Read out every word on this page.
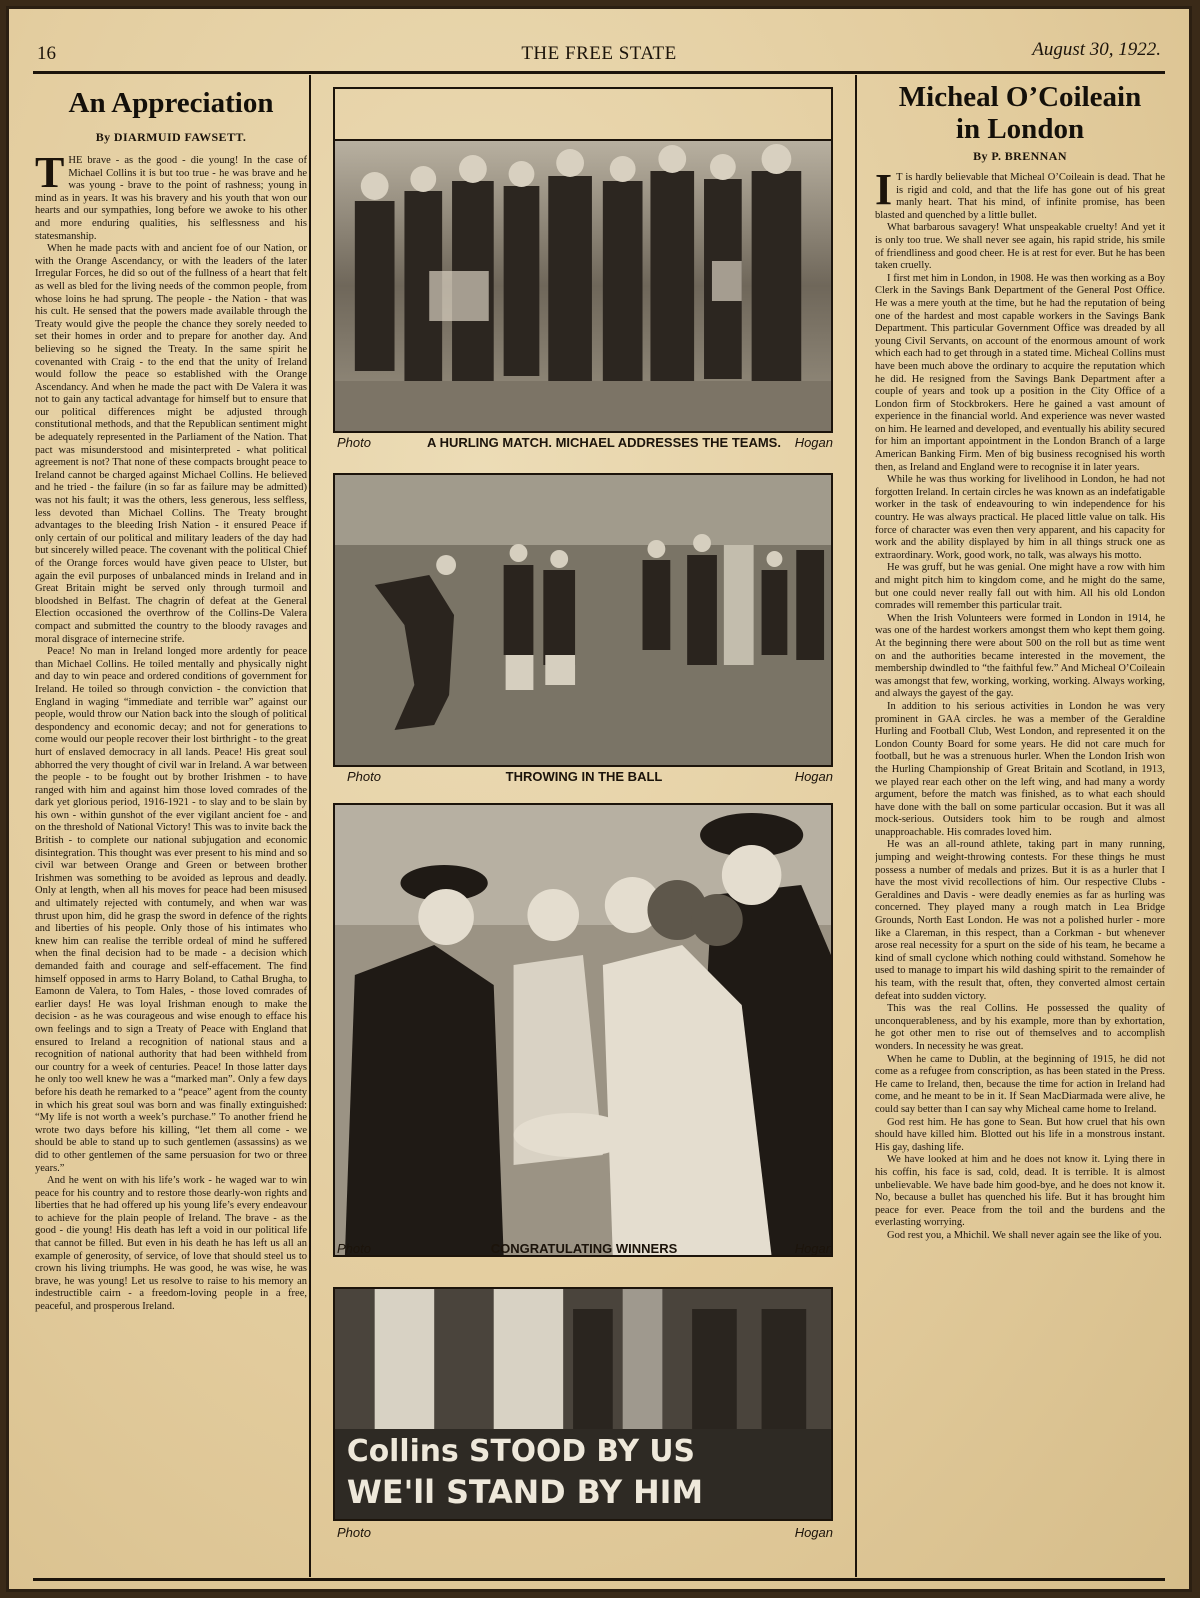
16	THE FREE STATE	August 30, 1922.
An Appreciation
By DIARMUID FAWSETT.

THE brave - as the good - die young! In the case of Michael Collins it is but too true - he was brave and he was young - brave to the point of rashness; young in mind as in years. It was his bravery and his youth that won our hearts and our sympathies, long before we awoke to his other and more enduring qualities, his selflessness and his statesmanship.

When he made pacts with and ancient foe of our Nation, or with the Orange Ascendancy, or with the leaders of the later Irregular Forces, he did so out of the fullness of a heart that felt as well as bled for the living needs of the common people, from whose loins he had sprung. The people - the Nation - that was his cult. He sensed that the powers made available through the Treaty would give the people the chance they sorely needed to set their homes in order and to prepare for another day. And believing so he signed the Treaty. In the same spirit he covenanted with Craig - to the end that the unity of Ireland would follow the peace so established with the Orange Ascendancy. And when he made the pact with De Valera it was not to gain any tactical advantage for himself but to ensure that our political differences might be adjusted through constitutional methods, and that the Republican sentiment might be adequately represented in the Parliament of the Nation. That pact was misunderstood and misinterpreted - what political agreement is not? That none of these compacts brought peace to Ireland cannot be charged against Michael Collins. He believed and he tried - the failure (in so far as failure may be admitted) was not his fault; it was the others, less generous, less selfless, less devoted than Michael Collins. The Treaty brought advantages to the bleeding Irish Nation - it ensured Peace if only certain of our political and military leaders of the day had but sincerely willed peace. The covenant with the political Chief of the Orange forces would have given peace to Ulster, but again the evil purposes of unbalanced minds in Ireland and in Great Britain might be served only through turmoil and bloodshed in Belfast. The chagrin of defeat at the General Election occasioned the overthrow of the Collins-De Valera compact and submitted the country to the bloody ravages and moral disgrace of internecine strife.

Peace! No man in Ireland longed more ardently for peace than Michael Collins. He toiled mentally and physically night and day to win peace and ordered conditions of government for Ireland. He toiled so through conviction - the conviction that England in waging “immediate and terrible war” against our people, would throw our Nation back into the slough of political despondency and economic decay; and not for generations to come would our people recover their lost birthright - to the great hurt of enslaved democracy in all lands. Peace! His great soul abhorred the very thought of civil war in Ireland. A war between the people - to be fought out by brother Irishmen - to have ranged with him and against him those loved comrades of the dark yet glorious period, 1916-1921 - to slay and to be slain by his own - within gunshot of the ever vigilant ancient foe - and on the threshold of National Victory! This was to invite back the British - to complete our national subjugation and economic disintegration. This thought was ever present to his mind and so civil war between Orange and Green or between brother Irishmen was something to be avoided as leprous and deadly. Only at length, when all his moves for peace had been misused and ultimately rejected with contumely, and when war was thrust upon him, did he grasp the sword in defence of the rights and liberties of his people. Only those of his intimates who knew him can realise the terrible ordeal of mind he suffered when the final decision had to be made - a decision which demanded faith and courage and self-effacement. The find himself opposed in arms to Harry Boland, to Cathal Brugha, to Eamonn de Valera, to Tom Hales, - those loved comrades of earlier days! He was loyal Irishman enough to make the decision - as he was courageous and wise enough to efface his own feelings and to sign a Treaty of Peace with England that ensured to Ireland a recognition of national staus and a recognition of national authority that had been withheld from our country for a week of centuries. Peace! In those latter days he only too well knew he was a “marked man”. Only a few days before his death he remarked to a “peace” agent from the county in which his great soul was born and was finally extinguished: “My life is not worth a week’s purchase.” To another friend he wrote two days before his killing, “let them all come - we should be able to stand up to such gentlemen (assassins) as we did to other gentlemen of the same persuasion for two or three years.”

And he went on with his life’s work - he waged war to win peace for his country and to restore those dearly-won rights and liberties that he had offered up his young life’s every endeavour to achieve for the plain people of Ireland. The brave - as the good - die young! His death has left a void in our political life that cannot be filled. But even in his death he has left us all an example of generosity, of service, of love that should steel us to crown his living triumphs. He was good, he was wise, he was brave, he was young! Let us resolve to raise to his memory an indestructible cairn - a freedom-loving people in a free, peaceful, and prosperous Ireland.

Photo	A HURLING MATCH. MICHAEL ADDRESSES THE TEAMS.	Hogan
Photo	THROWING IN THE BALL	Hogan
Photo	CONGRATULATING WINNERS	Hogan
Collins STOOD BY US
WE'll STAND BY HIM
Photo	Hogan
Micheal O’Coileain
in London
By P. BRENNAN

IT is hardly believable that Micheal O’Coileain is dead. That he is rigid and cold, and that the life has gone out of his great manly heart. That his mind, of infinite promise, has been blasted and quenched by a little bullet.

What barbarous savagery! What unspeakable cruelty! And yet it is only too true. We shall never see again, his rapid stride, his smile of friendliness and good cheer. He is at rest for ever. But he has been taken cruelly.

I first met him in London, in 1908. He was then working as a Boy Clerk in the Savings Bank Department of the General Post Office. He was a mere youth at the time, but he had the reputation of being one of the hardest and most capable workers in the Savings Bank Department. This particular Government Office was dreaded by all young Civil Servants, on account of the enormous amount of work which each had to get through in a stated time. Micheal Collins must have been much above the ordinary to acquire the reputation which he did. He resigned from the Savings Bank Department after a couple of years and took up a position in the City Office of a London firm of Stockbrokers. Here he gained a vast amount of experience in the financial world. And experience was never wasted on him. He learned and developed, and eventually his ability secured for him an important appointment in the London Branch of a large American Banking Firm. Men of big business recognised his worth then, as Ireland and England were to recognise it in later years.

While he was thus working for livelihood in London, he had not forgotten Ireland. In certain circles he was known as an indefatigable worker in the task of endeavouring to win independence for his country. He was always practical. He placed little value on talk. His force of character was even then very apparent, and his capacity for work and the ability displayed by him in all things struck one as extraordinary. Work, good work, no talk, was always his motto.

He was gruff, but he was genial. One might have a row with him and might pitch him to kingdom come, and he might do the same, but one could never really fall out with him. All his old London comrades will remember this particular trait.

When the Irish Volunteers were formed in London in 1914, he was one of the hardest workers amongst them who kept them going. At the beginning there were about 500 on the roll but as time went on and the authorities became interested in the movement, the membership dwindled to “the faithful few.” And Micheal O’Coileain was amongst that few, working, working, working. Always working, and always the gayest of the gay.

In addition to his serious activities in London he was very prominent in GAA circles. he was a member of the Geraldine Hurling and Football Club, West London, and represented it on the London County Board for some years. He did not care much for football, but he was a strenuous hurler. When the London Irish won the Hurling Championship of Great Britain and Scotland, in 1913, we played rear each other on the left wing, and had many a wordy argument, before the match was finished, as to what each should have done with the ball on some particular occasion. But it was all mock-serious. Outsiders took him to be rough and almost unapproachable. His comrades loved him.

He was an all-round athlete, taking part in many running, jumping and weight-throwing contests. For these things he must possess a number of medals and prizes. But it is as a hurler that I have the most vivid recollections of him. Our respective Clubs - Geraldines and Davis - were deadly enemies as far as hurling was concerned. They played many a rough match in Lea Bridge Grounds, North East London. He was not a polished hurler - more like a Clareman, in this respect, than a Corkman - but whenever arose real necessity for a spurt on the side of his team, he became a kind of small cyclone which nothing could withstand. Somehow he used to manage to impart his wild dashing spirit to the remainder of his team, with the result that, often, they converted almost certain defeat into sudden victory.

This was the real Collins. He possessed the quality of unconquerableness, and by his example, more than by exhortation, he got other men to rise out of themselves and to accomplish wonders. In necessity he was great.

When he came to Dublin, at the beginning of 1915, he did not come as a refugee from conscription, as has been stated in the Press. He came to Ireland, then, because the time for action in Ireland had come, and he meant to be in it. If Sean MacDiarmada were alive, he could say better than I can say why Micheal came home to Ireland.

God rest him. He has gone to Sean. But how cruel that his own should have killed him. Blotted out his life in a monstrous instant. His gay, dashing life.

We have looked at him and he does not know it. Lying there in his coffin, his face is sad, cold, dead. It is terrible. It is almost unbelievable. We have bade him good-bye, and he does not know it. No, because a bullet has quenched his life. But it has brought him peace for ever. Peace from the toil and the burdens and the everlasting worrying.

God rest you, a Mhichil. We shall never again see the like of you.
